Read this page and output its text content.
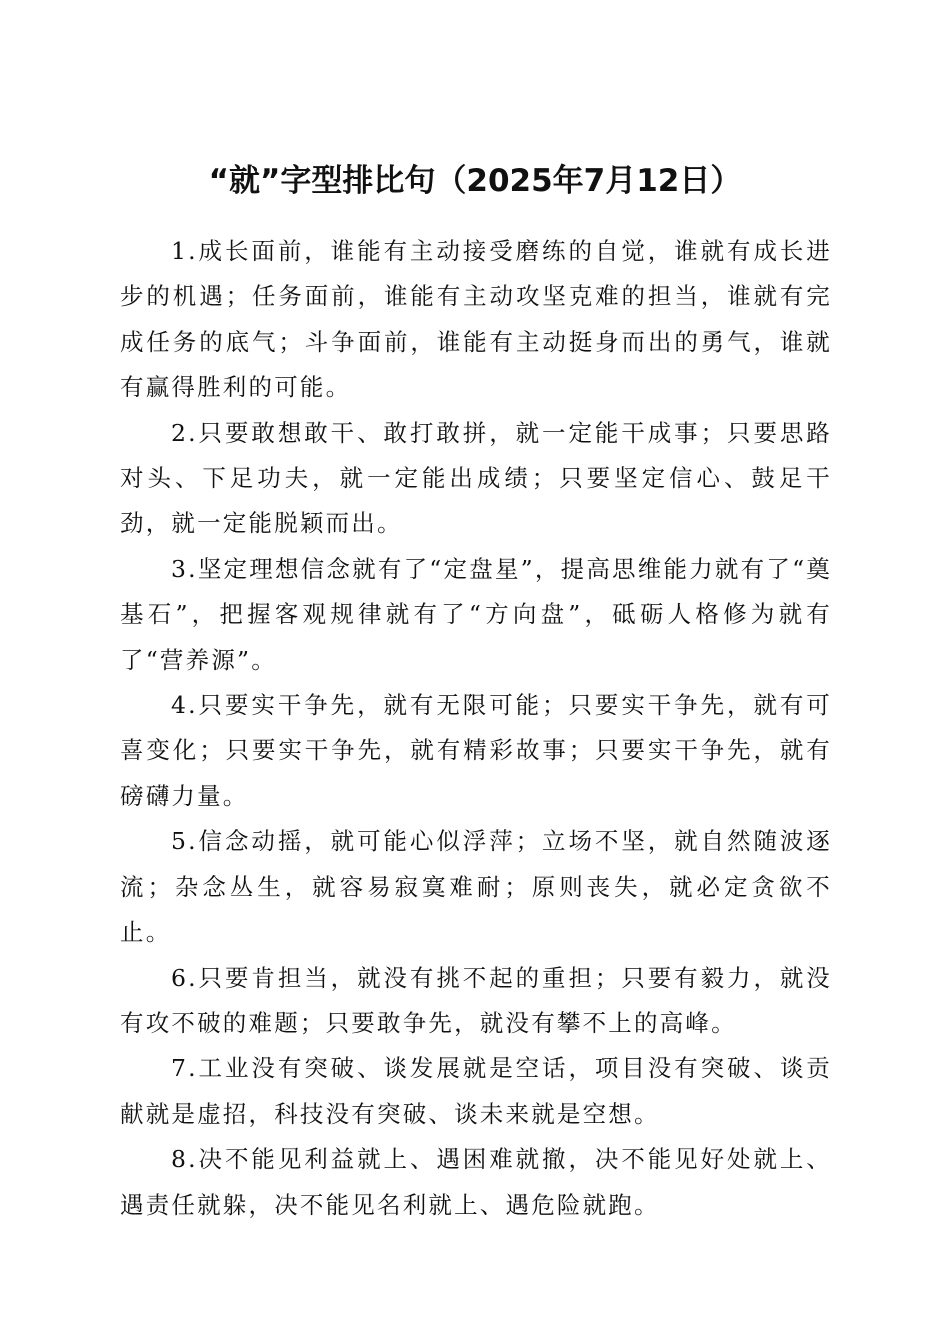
“就”字型排比句（2025年7月12日）

1.成长面前，谁能有主动接受磨练的自觉，谁就有成长进步的机遇；任务面前，谁能有主动攻坚克难的担当，谁就有完成任务的底气；斗争面前，谁能有主动挺身而出的勇气，谁就有赢得胜利的可能。

2.只要敢想敢干、敢打敢拼，就一定能干成事；只要思路对头、下足功夫，就一定能出成绩；只要坚定信心、鼓足干劲，就一定能脱颖而出。

3.坚定理想信念就有了“定盘星”，提高思维能力就有了“奠基石”，把握客观规律就有了“方向盘”，砥砺人格修为就有了“营养源”。

4.只要实干争先，就有无限可能；只要实干争先，就有可喜变化；只要实干争先，就有精彩故事；只要实干争先，就有磅礴力量。

5.信念动摇，就可能心似浮萍；立场不坚，就自然随波逐流；杂念丛生，就容易寂寞难耐；原则丧失，就必定贪欲不止。

6.只要肯担当，就没有挑不起的重担；只要有毅力，就没有攻不破的难题；只要敢争先，就没有攀不上的高峰。

7.工业没有突破、谈发展就是空话，项目没有突破、谈贡献就是虚招，科技没有突破、谈未来就是空想。

8.决不能见利益就上、遇困难就撤，决不能见好处就上、遇责任就躲，决不能见名利就上、遇危险就跑。
